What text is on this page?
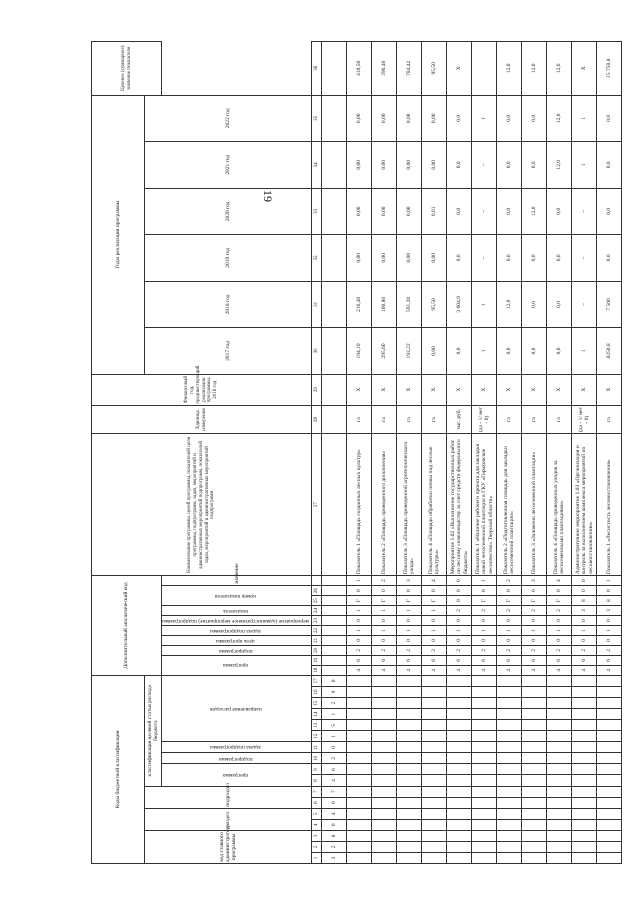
19
Коды бюджетной классификации																	Дополнительный аналитический код										Наименование программы, целей программы, показателей цели программы, подпрограмм, задач, мероприятий и административных мероприятий подпрограмм, показателей задач, мероприятий и административных мероприятий подпрограмм	Единица измерения	Финансовый год, предшествующий реализации программы, 2016 год	Годы реализации программы						Целевое (суммарное) значение показателя
код главного администратора программы			раздел		подраздел		классификация целевой статьи расхода бюджета																							2017 год	2018 год	2019 год	2020 год	2021 год	2022 год	
							программа		подпрограмма	задача подпрограммы	направление расходов						программа		подпрограмма	цель программы	задача подпрограммы	мероприятие (административное мероприятие) подпрограммы	показатель	номер показателя		значение										
1	2	3	4	5	6	7	8	9	10	11	12	13	14	15	16	17	18	19	20	21	22	23	24	25	26		27	28	29	30	31	32	33	34	35	36
3	2	8	0	4	0	7	4	6	2	0	1	5	1	2	9	0																				
																	4	6	2	0	1	0	1	Г	0	1	Показатель 1 «Площадь созданных лесных культур»	га	Х	194,10	216,40	0,00	0,00	0,00	0,00	410,50
																	4	6	2	0	1	0	1	Г	0	2	Показатель 2 «Площадь проведенного дополнения»	га	Х	295,60	100,80	0,00	0,00	0,00	0,00	396,40
																	4	6	2	0	1	0	1	Г	0	3	Показатель 3 «Площадь проведенной агротехнического ухода»	га	Х	193,22	591,20	0,00	0,00	0,00	0,00	784,42
																	4	6	2	0	1	0	1	Г	0	4	Показатель 4 «Площадь обработки почвы под лесные культуры»	га	Х	0,00	95,50	0,00	0,01	0,00	0,00	95,50
																	4	6	2	0	1	0	2	0	0	0	Мероприятие 1.02 «Выполнение государственных работ по лесному семеноводству за счет средств федерального бюджета»	тыс. руб.	Х	0,0	3 604,9	0,0	0,0	0,0	0,0	Х
																	4	6	2	0	1	0	2	Г	0	1	Показатель 1 «Наличие рабочего проекта для закладки новой лесосеменной плантации в ГКУ «Гороховское лесничество» Тверской области»	(да - 1/ нет - 0)	Х	1	1	–	–	–	1	
																	4	6	2	0	1	0	2	Г	0	2	Показатель 2 «Подготовленная площадь для закладки лесосеменной плантации»	га	Х	0,0	12,0	0,0	0,0	0,0	0,0	12,0
																	4	6	2	0	1	0	2	Г	0	3	Показатель 3 «Заложено лесосеменной плантации»	га	Х	0,0	0,0	0,0	12,0	0,0	0,0	12,0
																	4	6	2	0	1	0	2	Г	0	4	Показатель 4 «Площадь проведенных уходов за лесосеменными плантациями»	га	Х	0,0	0,0	0,0	0,0	12,0	12,0	12,0
																	4	6	2	0	1	0	3	8	0	0	Административное мероприятие 1.03 «Организация и контроль за выполнением комплекса мероприятий по лесовосстановлению»	(да - 1/ нет - 0)	Х	1	–	–	–	1	1	Х
																	4	6	2	0	1	0	3	8	0	1	Показатель 1 «Лесистость лесовосстановления»	га	Х	8250,8	7 500	0,0	0,0	0,0	0,0	15 750,8
